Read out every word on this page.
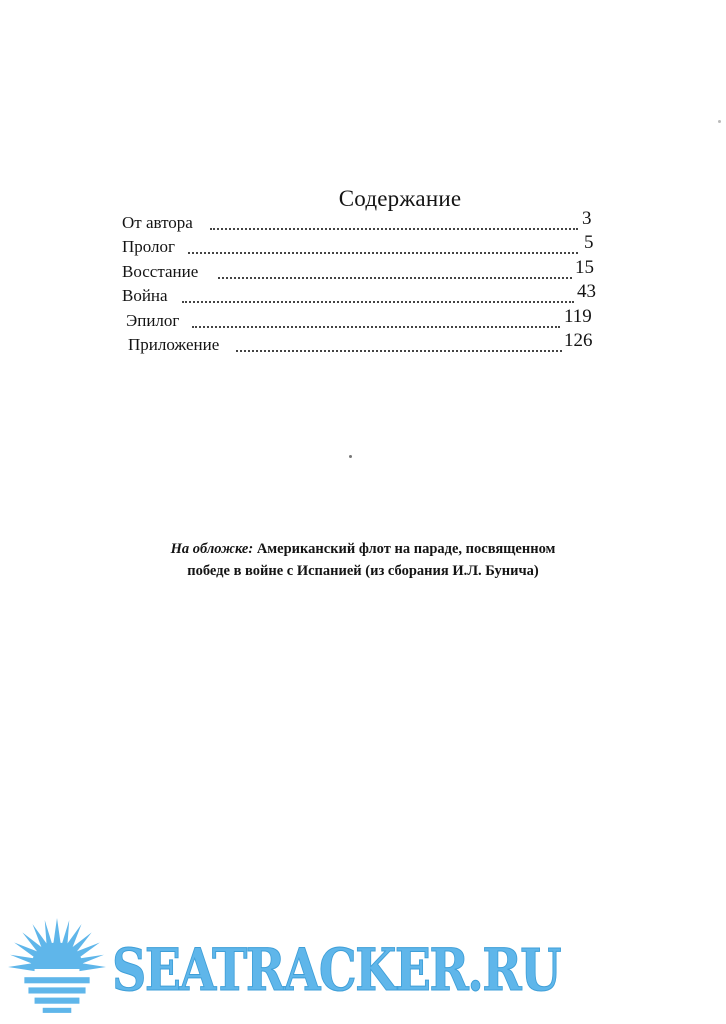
Содержание
От автора	3
Пролог	5
Восстание	15
Война	43
Эпилог	119
Приложение	126
На обложке: Американский флот на параде, посвященном
победе в войне с Испанией (из сборания И.Л. Бунича)
SEATRACKER.RU
